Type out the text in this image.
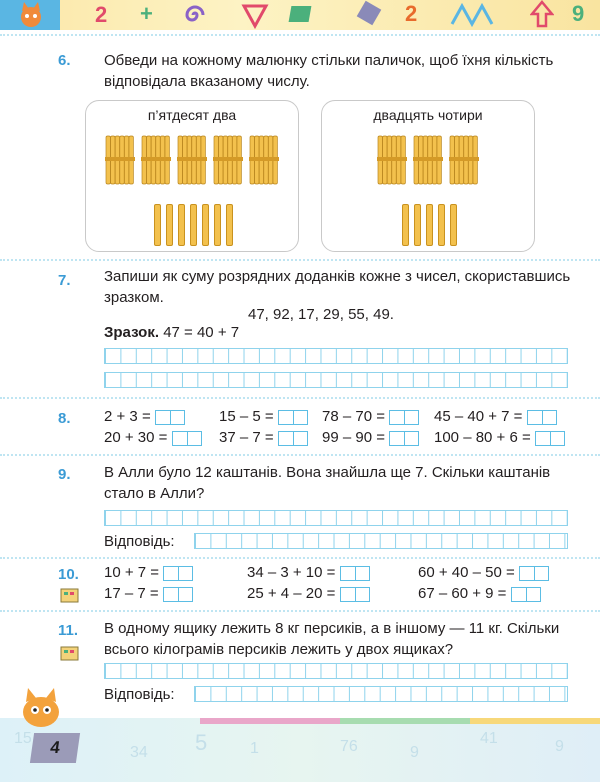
2 +	2	9
6. Обведи на кожному малюнку стільки паличок, щоб їхня кількість відповідала вказаному числу.
п’ятдесят два	двадцять чотири
7. Запиши як суму розрядних доданків кожне з чисел, скориставшись зразком.
47, 92, 17, 29, 55, 49.
Зразок. 47 = 40 + 7
8. 2 + 3 =	15 – 5 =	78 – 70 =	45 – 40 + 7 =
20 + 30 =	37 – 7 =	99 – 90 =	100 – 80 + 6 =
9. В Алли було 12 каштанів. Вона знайшла ще 7. Скільки каштанів стало в Алли?
Відповідь:
10. 10 + 7 =	34 – 3 + 10 =	60 + 40 – 50 =
17 – 7 =	25 + 4 – 20 =	67 – 60 + 9 =
11. В одному ящику лежить 8 кг персиків, а в іншому — 11 кг. Скільки всього кілограмів персиків лежить у двох ящиках?
Відповідь:
15
34 5	1	76	9
41	9
4
